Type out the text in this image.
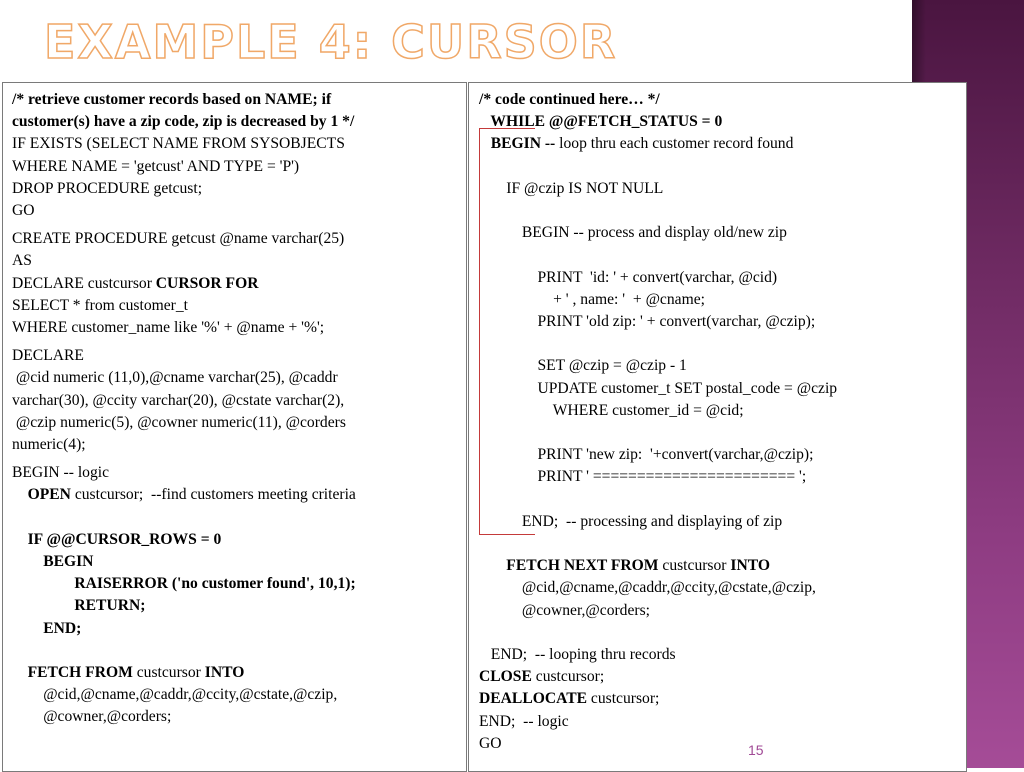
EXAMPLE 4: CURSOR
/* retrieve customer records based on NAME; if
customer(s) have a zip code, zip is decreased by 1 */
IF EXISTS (SELECT NAME FROM SYSOBJECTS
WHERE NAME = 'getcust' AND TYPE = 'P')
DROP PROCEDURE getcust;
GO

CREATE PROCEDURE getcust @name varchar(25)
AS
DECLARE custcursor CURSOR FOR
SELECT * from customer_t
WHERE customer_name like '%' + @name + '%';

DECLARE
@cid numeric (11,0),@cname varchar(25), @caddr
varchar(30), @ccity varchar(20), @cstate varchar(2),
@czip numeric(5), @cowner numeric(11), @corders
numeric(4);

BEGIN -- logic
OPEN custcursor;  --find customers meeting criteria

IF @@CURSOR_ROWS = 0
BEGIN
RAISERROR ('no customer found', 10,1);
RETURN;
END;

FETCH FROM custcursor INTO
@cid,@cname,@caddr,@ccity,@cstate,@czip,
@cowner,@corders;
/* code continued here… */

WHILE @@FETCH_STATUS = 0
BEGIN -- loop thru each customer record found

IF @czip IS NOT NULL

BEGIN -- process and display old/new zip

PRINT  'id: ' + convert(varchar, @cid)
+ ' , name: '  + @cname;
PRINT 'old zip: ' + convert(varchar, @czip);

SET @czip = @czip - 1
UPDATE customer_t SET postal_code = @czip
WHERE customer_id = @cid;

PRINT 'new zip:  '+convert(varchar,@czip);
PRINT ' ======================= ';

END;  -- processing and displaying of zip

FETCH NEXT FROM custcursor INTO
@cid,@cname,@caddr,@ccity,@cstate,@czip,
@cowner,@corders;

END;  -- looping thru records
CLOSE custcursor;
DEALLOCATE custcursor;
END;  -- logic
GO	15
